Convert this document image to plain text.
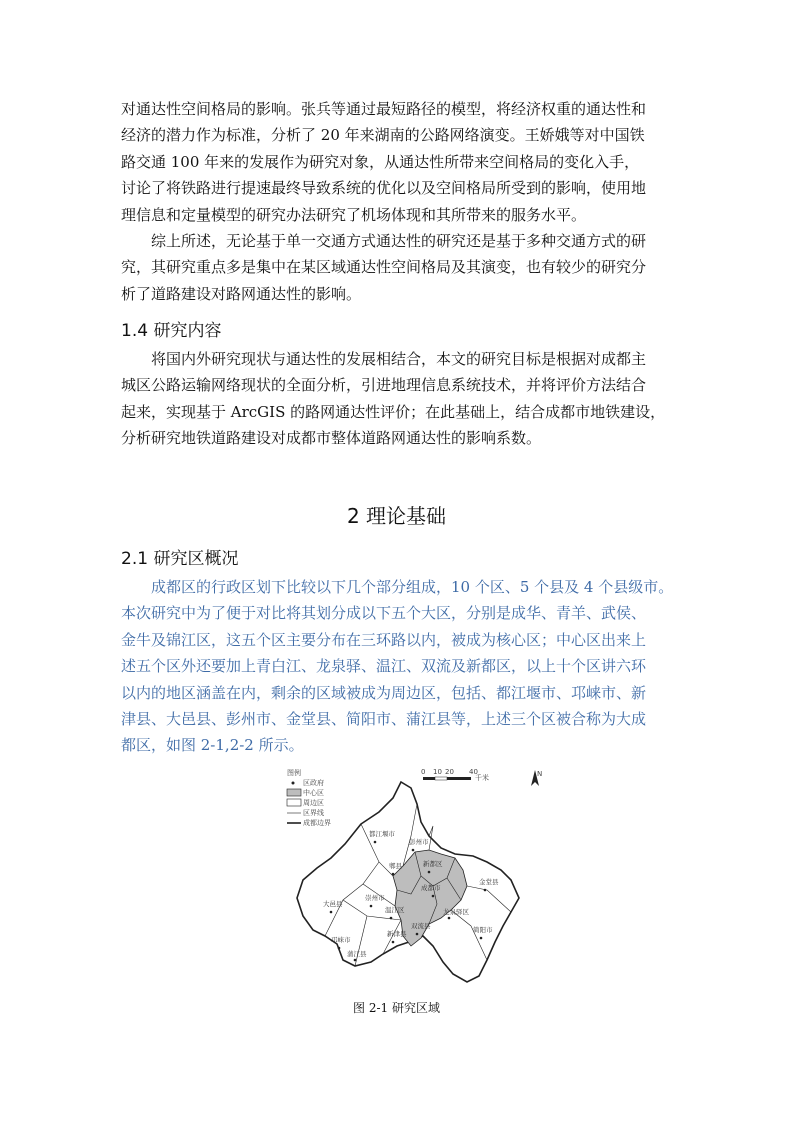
对通达性空间格局的影响。张兵等通过最短路径的模型，将经济权重的通达性和
经济的潜力作为标准，分析了 20 年来湖南的公路网络演变。王娇娥等对中国铁
路交通 100 年来的发展作为研究对象，从通达性所带来空间格局的变化入手，
讨论了将铁路进行提速最终导致系统的优化以及空间格局所受到的影响，使用地
理信息和定量模型的研究办法研究了机场体现和其所带来的服务水平。
综上所述，无论基于单一交通方式通达性的研究还是基于多种交通方式的研
究，其研究重点多是集中在某区域通达性空间格局及其演变，也有较少的研究分
析了道路建设对路网通达性的影响。
1.4 研究内容
将国内外研究现状与通达性的发展相结合，本文的研究目标是根据对成都主
城区公路运输网络现状的全面分析，引进地理信息系统技术，并将评价方法结合
起来，实现基于 ArcGIS 的路网通达性评价；在此基础上，结合成都市地铁建设，
分析研究地铁道路建设对成都市整体道路网通达性的影响系数。
2 理论基础
2.1 研究区概况
成都区的行政区划下比较以下几个部分组成，10 个区、5 个县及 4 个县级市。
本次研究中为了便于对比将其划分成以下五个大区，分别是成华、青羊、武侯、
金牛及锦江区，这五个区主要分布在三环路以内，被成为核心区；中心区出来上
述五个区外还要加上青白江、龙泉驿、温江、双流及新都区，以上十个区讲六环
以内的地区涵盖在内，剩余的区域被成为周边区，包括、都江堰市、邛崃市、新
津县、大邑县、彭州市、金堂县、简阳市、蒲江县等，上述三个区被合称为大成
都区，如图 2-1,2-2 所示。
图例
区政府
中心区
周边区
区界线
成都边界
0 10 20 40
千米	N
都江堰市
彭州市
郫县	新都区
金堂县
大邑县
崇州市
温江区
成都市
龙泉驿区
邛崃市
新津县
双流县	简阳市
蒲江县
图 2-1 研究区域
